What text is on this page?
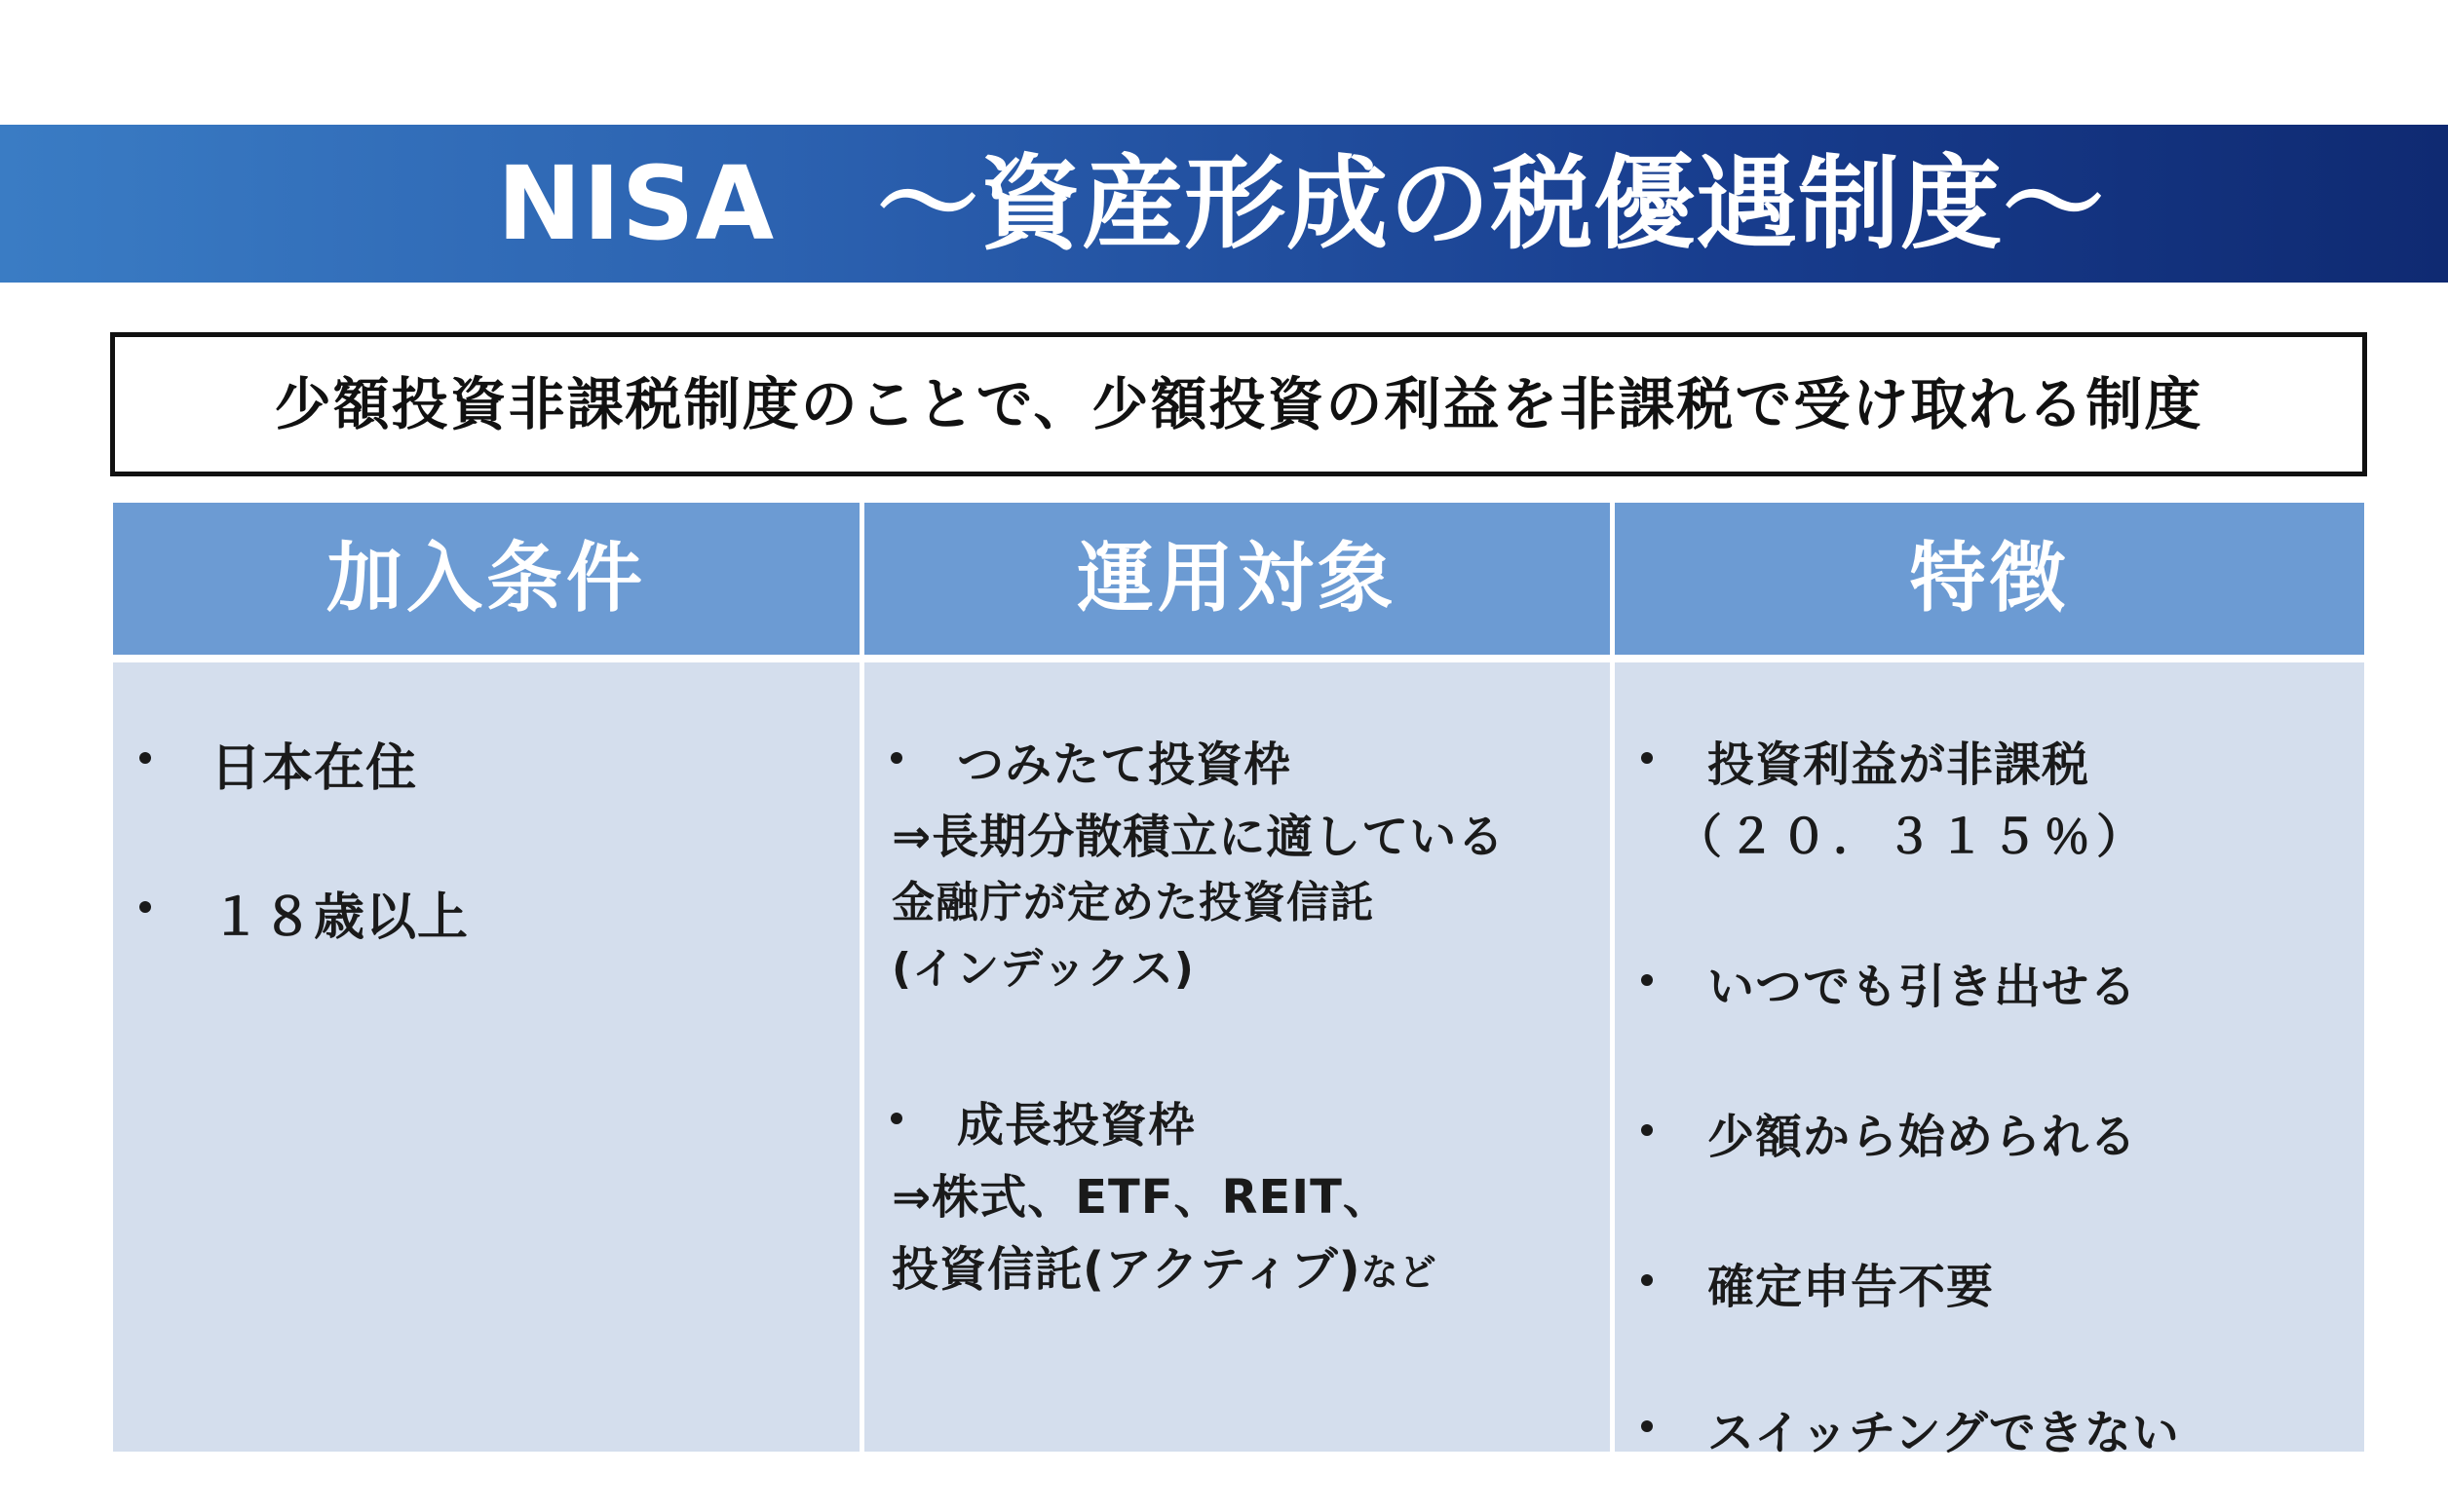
NISA　～資産形成の税優遇制度～
少額投資非課税制度のことで、少額投資の利益を非課税で受け取れる制度
加入条件
日本在住
１８歳以上
運用対象
つみたて投資枠
⇒長期分散積立に適している
金融庁が定めた投資信託
(インデックス)
成長投資枠
⇒株式、ETF、REIT、
投資信託(アクティブ)など
特徴
投資利益が非課税
（２０．３１５％）
いつでも引き出せる
少額から始められる
確定申告不要
スイッチングできない
